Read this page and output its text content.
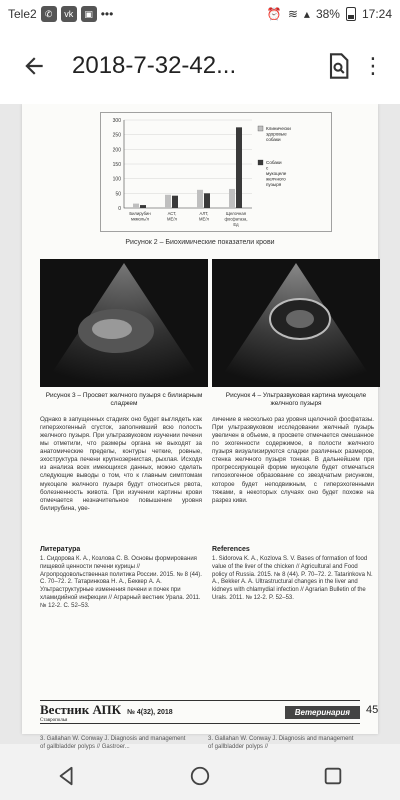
Tele2 ✆	vk	▣ •••	⏰ ≋ ▴ 38% 17:24
2018-7-32-42...	⋮
0
50
100
150
200
250
300
Билирубин
мкмоль/л
АСТ,
МЕ/л
АЛТ,
МЕ/л
Щелочная
фосфатаза,
Ед
Клинически
здоровые
собаки
Собаки
с
мукоцеле
желчного
пузыря
Рисунок 2 – Биохимические показатели крови
Рисунок 3 – Просвет желчного пузыря с билиарным сладжем
Рисунок 4 – Ультразвуковая картина мукоцеле желчного пузыря
Однако в запущенных стадиях оно будет выглядеть как гиперэхогенный сгусток, заполнивший всю полость желчного пузыря. При ультразвуковом изучении печени мы отметили, что размеры органа не выходят за анатомические пределы, контуры четкие, ровные, эхоструктура печени крупнозернистая, рыхлая. Исходя из анализа всех имеющихся данных, можно сделать следующие выводы о том, что к главным симптомам мукоцеле желчного пузыря будут относиться рвота, болезненность живота. При изучении картины крови отмечается незначительное повышение уровня билирубина, уве-
личение в несколько раз уровня щелочной фосфатазы. При ультразвуковом исследовании желчный пузырь увеличен в объеме, в просвете отмечается смешанное по эхогенности содержимое, в полости желчного пузыря визуализируются сладжи различных размеров, стенка желчного пузыря тонкая. В дальнейшем при прогрессирующей форме мукоцеле будет отмечаться гипоэхогенное образование со звездчатым рисунком, которое будет неподвижным, с гиперэхогенными тяжами, в некоторых случаях оно будет похоже на разрез киви.
Литература
1. Сидорова К. А., Козлова С. В. Основы формирования пищевой ценности печени курицы // Агропродовольственная политика России. 2015. № 8 (44). С. 70–72. 2. Татаринкова Н. А., Беккер А. А. Ультраструктурные изменения печени и почек при хламидийной инфекции // Аграрный вестник Урала. 2011. № 12-2. С. 52–53.
References
1. Sidorova K. A., Kozlova S. V. Bases of formation of food value of the liver of the chicken // Agricultural and Food policy of Russia. 2015. № 8 (44). P. 70–72. 2. Tatarinkova N. A., Bekker A. A. Ultrastructural changes in the liver and kidneys with chlamydial infection // Agrarian Bulletin of the Urals. 2011. № 12-2. P. 52–53.
Вестник АПК
Ставрополья
№ 4(32), 2018	Ветеринария	45
3. Gallahan W. Conway J. Diagnosis and management of gallbladder polyps // Gastroer...
3. Gallahan W. Conway J. Diagnosis and management of gallbladder polyps //
